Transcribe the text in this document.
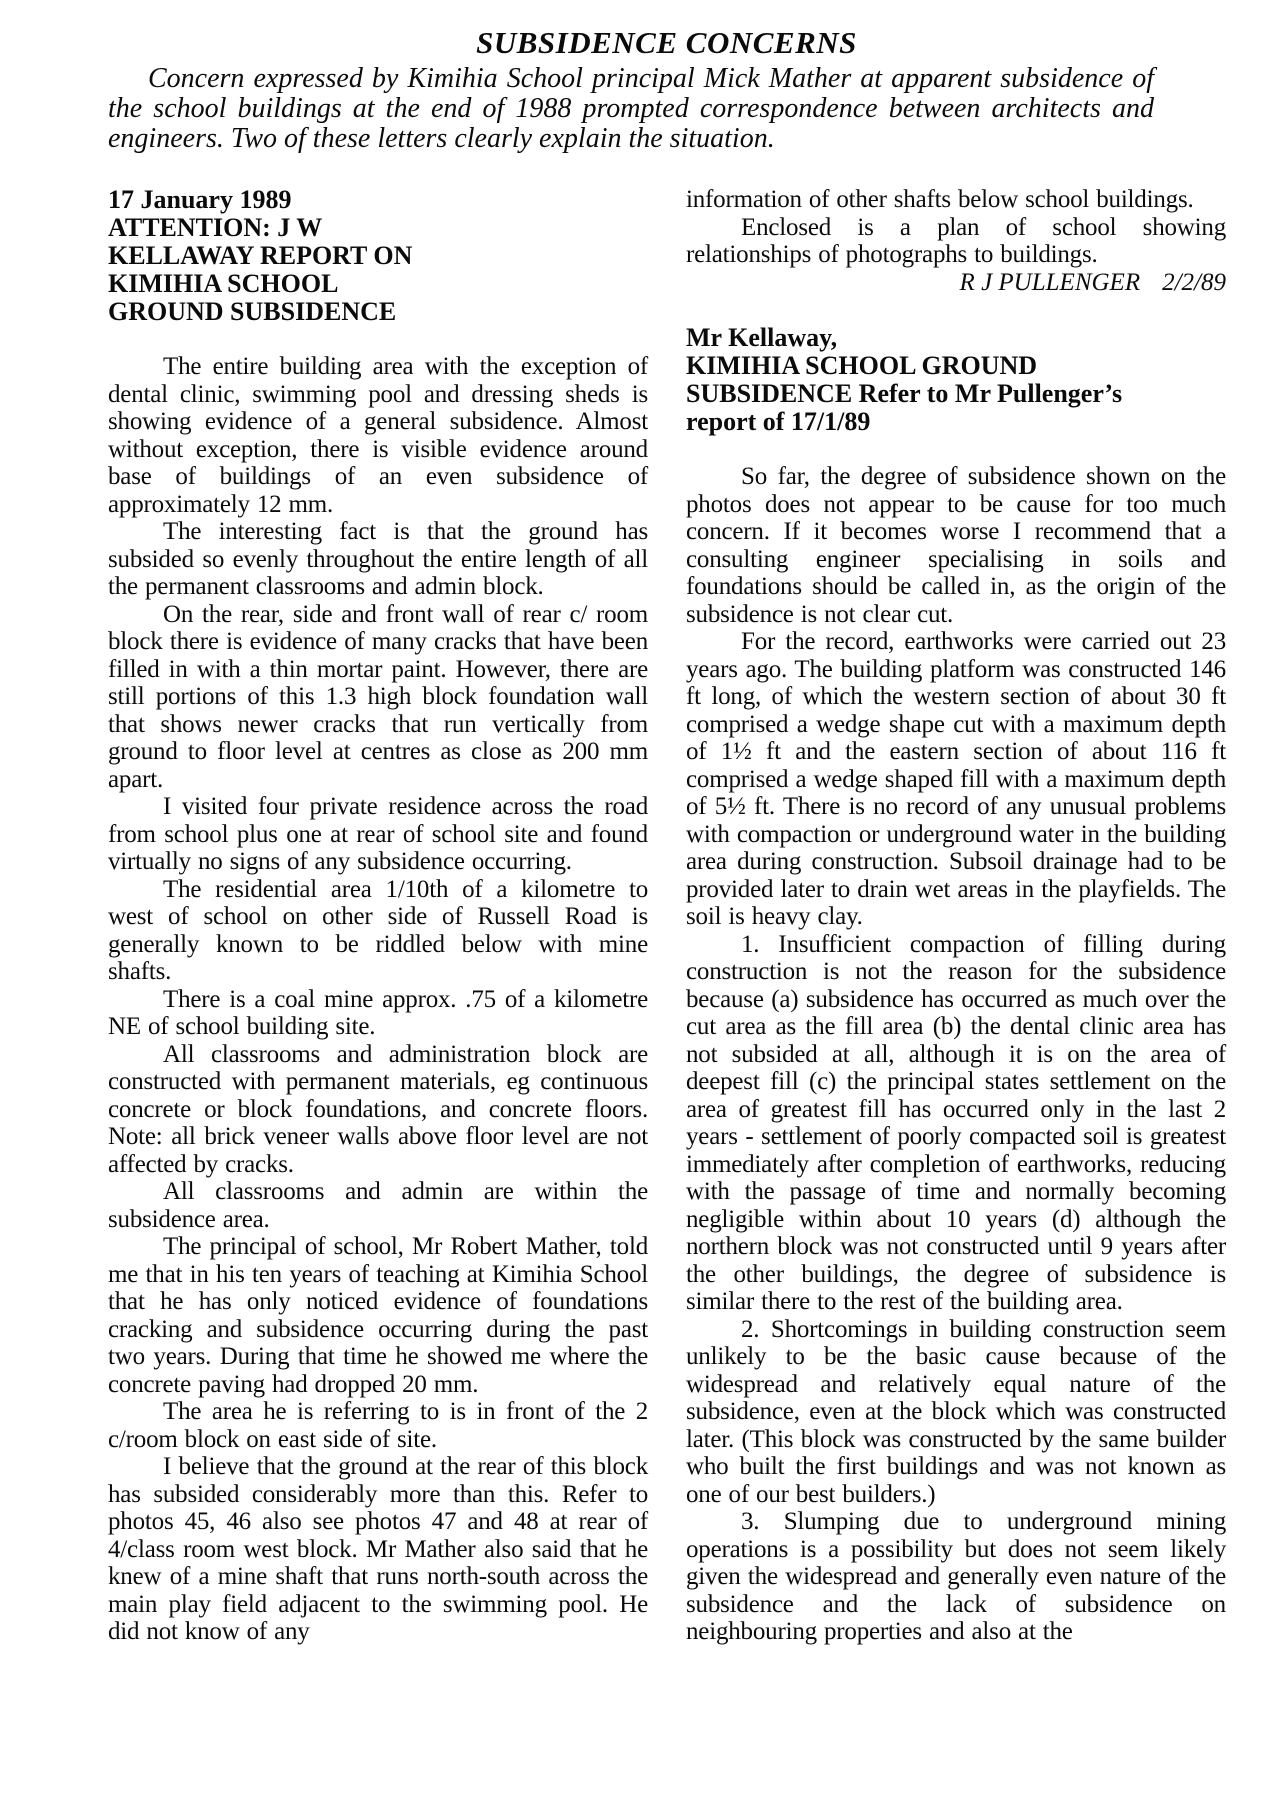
SUBSIDENCE CONCERNS

Concern expressed by Kimihia School principal Mick Mather at apparent subsidence of the school buildings at the end of 1988 prompted correspondence between architects and engineers. Two of these letters clearly explain the situation.

17 January 1989
ATTENTION: J W
KELLAWAY REPORT ON
KIMIHIA SCHOOL
GROUND SUBSIDENCE

The entire building area with the exception of dental clinic, swimming pool and dressing sheds is showing evidence of a general subsidence. Almost without exception, there is visible evidence around base of buildings of an even subsidence of approximately 12 mm.

The interesting fact is that the ground has subsided so evenly throughout the entire length of all the permanent classrooms and admin block.

On the rear, side and front wall of rear c/ room block there is evidence of many cracks that have been filled in with a thin mortar paint. However, there are still portions of this 1.3 high block foundation wall that shows newer cracks that run vertically from ground to floor level at centres as close as 200 mm apart.

I visited four private residence across the road from school plus one at rear of school site and found virtually no signs of any subsidence occurring.

The residential area 1/10th of a kilometre to west of school on other side of Russell Road is generally known to be riddled below with mine shafts.

There is a coal mine approx. .75 of a kilometre NE of school building site.

All classrooms and administration block are constructed with permanent materials, eg continuous concrete or block foundations, and concrete floors. Note: all brick veneer walls above floor level are not affected by cracks.

All classrooms and admin are within the subsidence area.

The principal of school, Mr Robert Mather, told me that in his ten years of teaching at Kimihia School that he has only noticed evidence of foundations cracking and subsidence occurring during the past two years. During that time he showed me where the concrete paving had dropped 20 mm.

The area he is referring to is in front of the 2 c/room block on east side of site.

I believe that the ground at the rear of this block has subsided considerably more than this. Refer to photos 45, 46 also see photos 47 and 48 at rear of 4/class room west block. Mr Mather also said that he knew of a mine shaft that runs north-south across the main play field adjacent to the swimming pool. He did not know of any

information of other shafts below school buildings.

Enclosed is a plan of school showing relationships of photographs to buildings.

R J PULLENGER 2/2/89
Mr Kellaway,
KIMIHIA SCHOOL GROUND
SUBSIDENCE Refer to Mr Pullenger’s
report of 17/1/89

So far, the degree of subsidence shown on the photos does not appear to be cause for too much concern. If it becomes worse I recommend that a consulting engineer specialising in soils and foundations should be called in, as the origin of the subsidence is not clear cut.

For the record, earthworks were carried out 23 years ago. The building platform was constructed 146 ft long, of which the western section of about 30 ft comprised a wedge shape cut with a maximum depth of 1½ ft and the eastern section of about 116 ft comprised a wedge shaped fill with a maximum depth of 5½ ft. There is no record of any unusual problems with compaction or underground water in the building area during construction. Subsoil drainage had to be provided later to drain wet areas in the playfields. The soil is heavy clay.

1. Insufficient compaction of filling during construction is not the reason for the subsidence because (a) subsidence has occurred as much over the cut area as the fill area (b) the dental clinic area has not subsided at all, although it is on the area of deepest fill (c) the principal states settlement on the area of greatest fill has occurred only in the last 2 years - settlement of poorly compacted soil is greatest immediately after completion of earthworks, reducing with the passage of time and normally becoming negligible within about 10 years (d) although the northern block was not constructed until 9 years after the other buildings, the degree of subsidence is similar there to the rest of the building area.

2. Shortcomings in building construction seem unlikely to be the basic cause because of the widespread and relatively equal nature of the subsidence, even at the block which was constructed later. (This block was constructed by the same builder who built the first buildings and was not known as one of our best builders.)

3. Slumping due to underground mining operations is a possibility but does not seem likely given the widespread and generally even nature of the subsidence and the lack of subsidence on neighbouring properties and also at the
